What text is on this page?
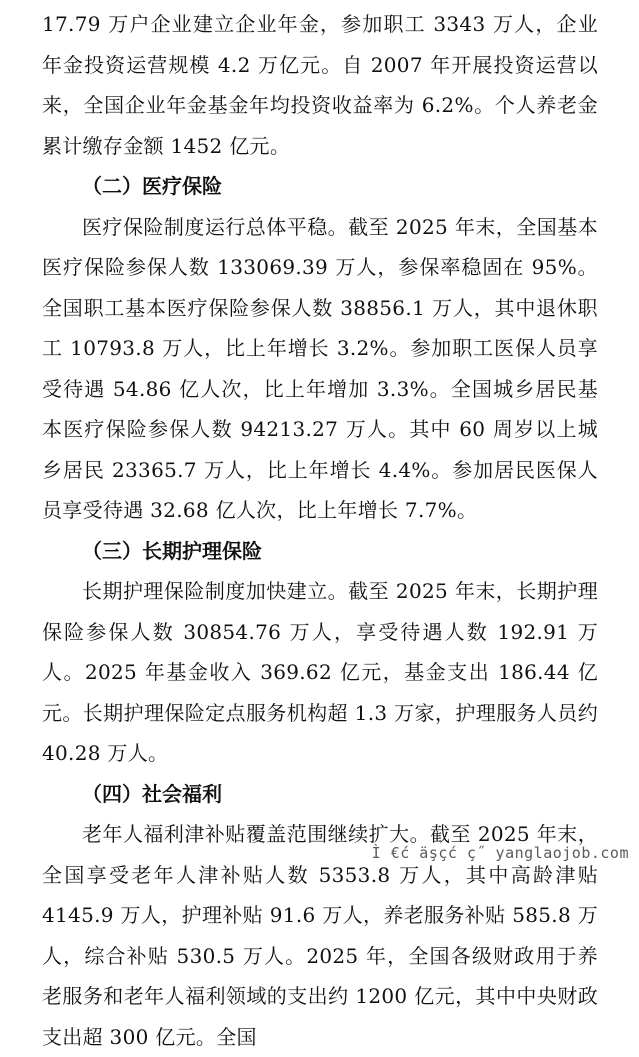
17.79 万户企业建立企业年金，参加职工 3343 万人，企业年金投资运营规模 4.2 万亿元。自 2007 年开展投资运营以来，全国企业年金基金年均投资收益率为 6.2%。个人养老金累计缴存金额 1452 亿元。

（二）医疗保险

医疗保险制度运行总体平稳。截至 2025 年末，全国基本医疗保险参保人数 133069.39 万人，参保率稳固在 95%。全国职工基本医疗保险参保人数 38856.1 万人，其中退休职工 10793.8 万人，比上年增长 3.2%。参加职工医保人员享受待遇 54.86 亿人次，比上年增加 3.3%。全国城乡居民基本医疗保险参保人数 94213.27 万人。其中 60 周岁以上城乡居民 23365.7 万人，比上年增长 4.4%。参加居民医保人员享受待遇 32.68 亿人次，比上年增长 7.7%。

（三）长期护理保险

长期护理保险制度加快建立。截至 2025 年末，长期护理保险参保人数 30854.76 万人，享受待遇人数 192.91 万人。2025 年基金收入 369.62 亿元，基金支出 186.44 亿元。长期护理保险定点服务机构超 1.3 万家，护理服务人员约 40.28 万人。

（四）社会福利

老年人福利津补贴覆盖范围继续扩大。截至 2025 年末，全国享受老年人津补贴人数 5353.8 万人，其中高龄津贴 4145.9 万人，护理补贴 91.6 万人，养老服务补贴 585.8 万人，综合补贴 530.5 万人。2025 年，全国各级财政用于养老服务和老年人福利领域的支出约 1200 亿元，其中中央财政支出超 300 亿元。全国

Ì €ć äşçć ç˝ yanglaojob.com
